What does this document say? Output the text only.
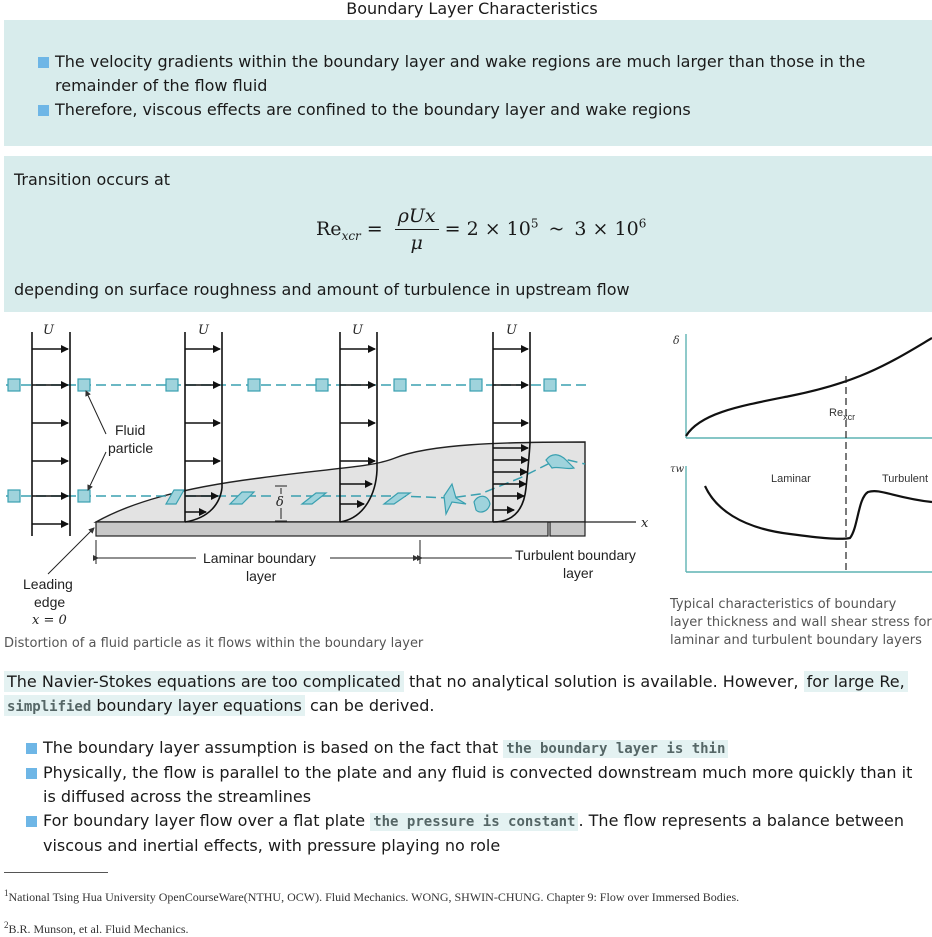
Boundary Layer Characteristics
The velocity gradients within the boundary layer and wake regions are much larger than those in the remainder of the flow fluid
Therefore, viscous effects are confined to the boundary layer and wake regions
Transition occurs at
$Re_{xcr} = \frac{\text{ρUx}}{\mu} = 2 \times 10^5$ ~ $3 \times 10^6$
depending on surface roughness and amount of turbulence in upstream flow
x
U	U	U	U
Fluid
particle
δ
Laminar boundary
layer
Turbulent boundary
layer
Leading
edge
x = 0
δ
τw
$Re_{xcr}$
Laminar	Turbulent
Distortion of a fluid particle as it flows within the boundary layer
Typical characteristics of boundary layer thickness and wall shear stress for laminar and turbulent boundary layers
The Navier-Stokes equations are too complicated that no analytical solution is available. However, for large Re,
simplified boundary layer equations can be derived.
The boundary layer assumption is based on the fact that the boundary layer is thin
Physically, the flow is parallel to the plate and any fluid is convected downstream much more quickly than it is diffused across the streamlines
For boundary layer flow over a flat plate the pressure is constant . The flow represents a balance between viscous and inertial effects, with pressure playing no role
$^1$National Tsing Hua University OpenCourseWare(NTHU, OCW). Fluid Mechanics. WONG, SHWIN-CHUNG. Chapter 9: Flow over Immersed Bodies.
$^2$B.R. Munson, et al. Fluid Mechanics.
